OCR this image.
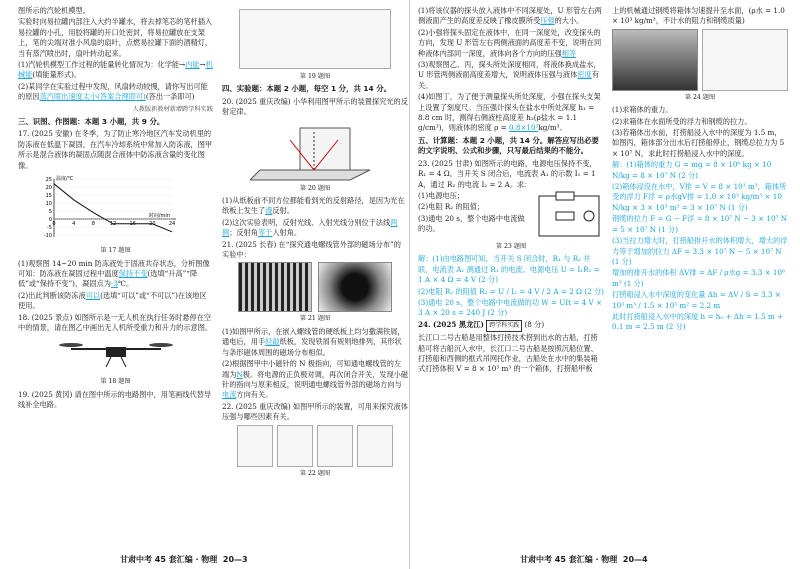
图所示的汽轮机模型。

实验时向易拉罐内部注入大约半罐水，将去掉笔芯的笔杆插入易拉罐的小孔，用胶将罐的开口处密封，将易拉罐放在支架上，笔的尖端对准小风扇的扇叶，点燃易拉罐下面的酒精灯，当有蒸汽喷出时，扇叶转动起来。

(1)汽轮机模型工作过程的能量转化情况为：化学能→内能→机械能(填能量形式)。

(2)某同学在实验过程中发现，风扇转动较慢，请你写出可能的原因蒸汽喷出速度太小(答案合理即可)(答出一条即可)

人教版新教材新增跨学科实践
三、识图、作图题：本题 3 小题，共 9 分。

17. (2025 安徽) 在冬季，为了防止寒冷地区汽车发动机里的防冻液在低温下凝固，在汽车冷却系统中常加入防冻液，图甲所示是混合液体的凝固点随混合液体中防冻液含量的变化图像。

25
20
15
10
5
0
-5
-10
0	4	8	12	16	20	24
温度/℃
时间/min
第 17 题图

(1)观察图 14~20 min 防冻液处于固液共存状态，分析图像可知：防冻液在凝固过程中温度保持不变(选填“升高”“降低”或“保持不变”)，凝固点为-3℃。

(2)出此判断该防冻液可以(选填“可以”或“不可以”)在该地区使用。

18. (2025 景点) 如图所示是一无人机在执行任务时悬停在空中的情景，请在图乙中画出无人机所受重力和升力的示意图。

第 18 题图

19. (2025 黄冈) 请在图中所示的电路图中，用笔画线代替导线补全电路。

第 19 题图
四、实验题：本题 2 小题，每空 1 分，共 14 分。

20. (2025 重庆改编) 小华利用图甲所示的装置探究光的反射定律。

第 20 题图

(1)从纸板前不同方位都能看到光的反射路径，是因为光在纸板上发生了漫反射。

(2)这次实验表明，反射光线、入射光线分别位于法线两侧；反射角等于入射角。

21. (2025 长春) 在“探究通电螺线管外部的磁场分布”的实验中：

第 21 题图

(1)如图甲所示，在嵌入螺线管的硬纸板上均匀撒满铁屑，通电后，用手轻敲纸板，发现铁屑有规则地排列，其形状与条形磁体周围的磁场分布相似。

(2)根据图甲中小磁针的 N 极指向，可知通电螺线管的左端为N极。将电源的正负极对调，再次闭合开关，发现小磁针的指向与原来相反，说明通电螺线管外部的磁场方向与电流方向有关。

22. (2025 重庆改编) 如图甲所示的装置，可用来探究液体压强与哪些因素有关。

第 22 题图

(1)将该仪器的探头放入液体中不同深度处，U 形管左右两侧液面产生的高度差反映了橡皮膜所受压强的大小。

(2)小强将探头固定在液体中，在同一深度处，改变探头的方向，发现 U 形管左右两侧液面的高度差不变，说明在同种液体内部同一深度，液体向各个方向的压强相等

(3)观察图乙、丙，探头所处深度相同，将液体换成盐水，U 形管两侧液面高度差增大，说明液体压强与液体密度有关。

(4)如图丁，为了便于测量探头所处深度，小强在探头支架上设置了刻度尺。当压强计探头在盐水中所处深度 h₁ = 8.8 cm 时，测得右侧液柱高度差 h₂(ρ盐水 = 1.1 g/cm³)，则液体的密度 ρ = 0.8×10³kg/m³。

五、计算题：本题 2 小题，共 14 分。解答应写出必要的文字说明、公式和步骤，只写最后结果的不能分。

23. (2025 甘肃) 如图所示的电路，电源电压保持不变，R₁ = 4 Ω，当开关 S 闭合后，电流表 A₁ 的示数 I₁ = 1 A，通过 R₂ 的电流 I₂ = 2 A。求：

(1)电源电压；

(2)电阻 R₂ 的阻值；

(3)通电 20 s，整个电路中电流做的功。

第 23 题图

解：(1)由电路图可知，当开关 S 闭合时，R₁ 与 R₂ 并联，电流表 A₁ 测通过 R₁ 的电流。电源电压 U = I₁R₁ = 1 A × 4 Ω = 4 V (2 分)

(2)电阻 R₂ 的阻值 R₂ = U / I₂ = 4 V / 2 A = 2 Ω (2 分)

(3)通电 20 s，整个电路中电流做的功 W = UIt = 4 V × 3 A × 20 s = 240 J (2 分)

24. (2025 黑龙江) 跨学科实践 (8 分)

长江口二号古船是用整体打捞技术捞到出水的古船，打捞船可将古船沉入水中，长江口二号古船是按照沉船位置、打捞船和西侧的框式吊网托作业，古船处在水中的集装箱式打捞体积 V = 8 × 10³ m³ 的一个箱体，打捞船甲板

上的机械通过钢缆将箱体匀速提升至水面，(ρ水 = 1.0 × 10³ kg/m³，不计水的阻力和钢缆质量)

第 24 题图

(1)求箱体的重力。

(2)求箱体在水面所受的浮力和钢缆的拉力。

(3)若箱体出水前，打捞船浸入水中的深度为 1.5 m，如图丙，箱体部分出水后打捞船停止，钢缆总拉力为 5 × 10⁷ N，求此时打捞船浸入水中的深度。

解：(1)箱体的重力 G = mg = 8 × 10⁶ kg × 10 N/kg = 8 × 10⁷ N (2 分)

(2)箱体浸没在水中，V排 = V = 8 × 10³ m³，箱体所受的浮力 F浮 = ρ水gV排 = 1.0 × 10³ kg/m³ × 10 N/kg × 3 × 10³ m³ = 3 × 10⁷ N (1 分)

钢缆的拉力 F = G − F浮 = 8 × 10⁷ N − 3 × 10⁷ N = 5 × 10⁷ N (1 分)

(3)当拉力增大时，打捞船排开水的体积增大，增大的浮力等于增加的拉力 ΔF = 3.3 × 10⁷ N − 5 × 10⁷ N (1 分)

增加的排开水的体积 ΔV排 = ΔF / ρ水g = 3.3 × 10⁶ m³ (1 分)

打捞船浸入水中深度的变化量 Δh = ΔV / S = 3.3 × 10³ m³ / 1.5 × 10³ m² = 2.2 m

此时打捞船浸入水中的深度 h = h₀ + Δh = 1.5 m + 0.1 m = 2.5 m (2 分)

甘肃中考 45 套汇编 · 物理 20—3	甘肃中考 45 套汇编 · 物理 20—4
